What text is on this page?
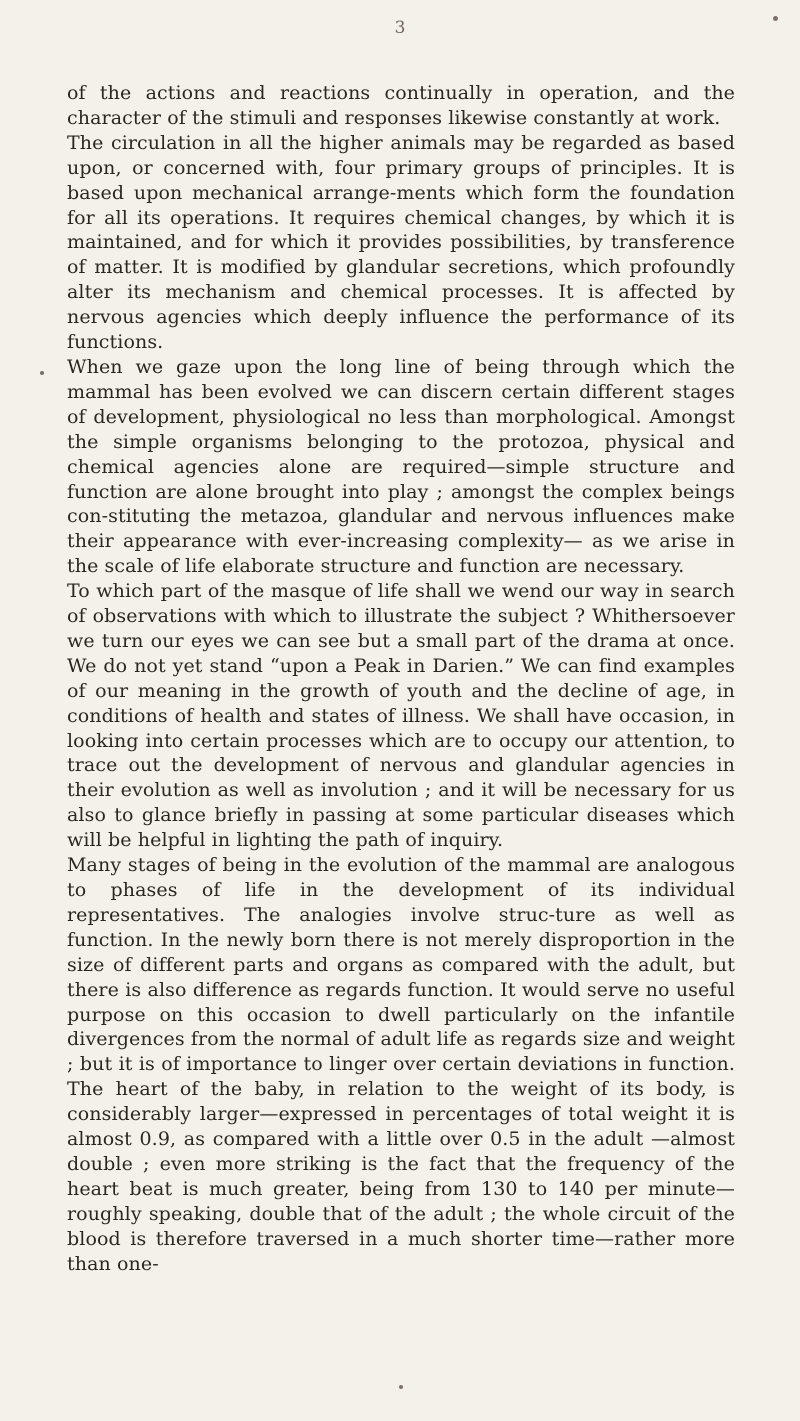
3

of the actions and reactions continually in operation, and the character of the stimuli and responses likewise constantly at work.

The circulation in all the higher animals may be regarded as based upon, or concerned with, four primary groups of principles. It is based upon mechanical arrange-ments which form the foundation for all its operations. It requires chemical changes, by which it is maintained, and for which it provides possibilities, by transference of matter. It is modified by glandular secretions, which profoundly alter its mechanism and chemical processes. It is affected by nervous agencies which deeply influence the performance of its functions.

When we gaze upon the long line of being through which the mammal has been evolved we can discern certain different stages of development, physiological no less than morphological. Amongst the simple organisms belonging to the protozoa, physical and chemical agencies alone are required—simple structure and function are alone brought into play ; amongst the complex beings con-stituting the metazoa, glandular and nervous influences make their appearance with ever-increasing complexity— as we arise in the scale of life elaborate structure and function are necessary.

To which part of the masque of life shall we wend our way in search of observations with which to illustrate the subject ? Whithersoever we turn our eyes we can see but a small part of the drama at once. We do not yet stand “upon a Peak in Darien.” We can find examples of our meaning in the growth of youth and the decline of age, in conditions of health and states of illness. We shall have occasion, in looking into certain processes which are to occupy our attention, to trace out the development of nervous and glandular agencies in their evolution as well as involution ; and it will be necessary for us also to glance briefly in passing at some particular diseases which will be helpful in lighting the path of inquiry.

Many stages of being in the evolution of the mammal are analogous to phases of life in the development of its individual representatives. The analogies involve struc-ture as well as function. In the newly born there is not merely disproportion in the size of different parts and organs as compared with the adult, but there is also difference as regards function. It would serve no useful purpose on this occasion to dwell particularly on the infantile divergences from the normal of adult life as regards size and weight ; but it is of importance to linger over certain deviations in function. The heart of the baby, in relation to the weight of its body, is considerably larger—expressed in percentages of total weight it is almost 0.9, as compared with a little over 0.5 in the adult —almost double ; even more striking is the fact that the frequency of the heart beat is much greater, being from 130 to 140 per minute—roughly speaking, double that of the adult ; the whole circuit of the blood is therefore traversed in a much shorter time—rather more than one-
